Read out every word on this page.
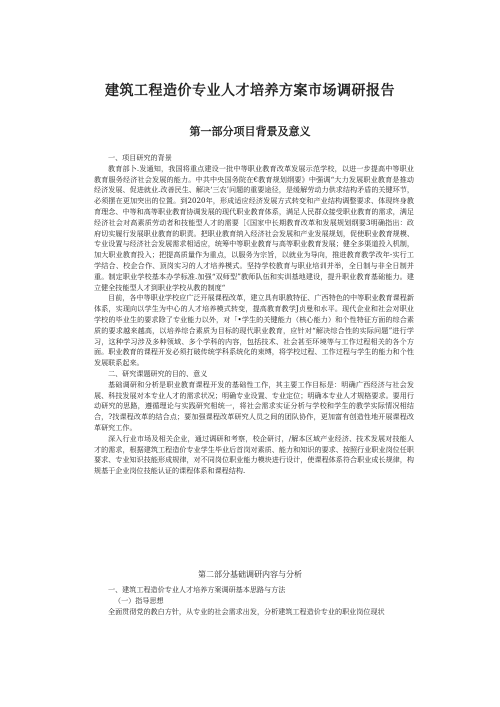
建筑工程造价专业人才培养方案市场调研报告
第一部分项目背景及意义

一、项目研究的背景

教育部卜.发通知，我国将重点建设一批中等职业教育改革发展示范学校，以进一步提高中等职业教育服务经济社会发展的能力。中共中央国务院在€教育规划纲要》中强调“大力发展职业教育是推动经济发展、促进就业.改善民生、解决‘三农’问题的重要途径，是缓解劳动力供求结构矛盾的关键环节，必须摆在更加突出的位置。到2020年，形成适应经济发展方式转变和产业结构调整要求、体现终身教育理念、中等和高等职业教育协调发展的现代职业教育体系，满足人民群众接受职业教育的需求，满足经济社会对高素质劳动者和技能型人才的需要［《国家中长期教育改革和发展规划纲要3明确指出：政府切实履行发展职业教育的职责。把职业教育纳入经济社会发展和产业发展规划，促使职业教育规模、专业设置与经济社会发展需求相适应，统筹中等职业教育与高等职业教育发展；健全多渠道投入机制，加大职业教育投入；把提高质量作为重点，以服务为宗旨，以就业为导向，推进教育教学改年-实行工学结合、校企合作、顶岗实习的人才培养模式。坚持学校教育与职业培训并举，全日制与非全日制并重。制定职业学校基本办学标准.加强“双师型”教师队伍和实训基地建设，提升职业教育基础能力。建立健全技能型人才到职业学校从教的制度“

目前，各中等职业学校应广泛开展课程改革，建立具有职教特征、广西特色的中等职业教育课程新体系，实现向以学生为中心的人才培养模式转变，提高教育教学J贞曼和水平。现代企业和社会对职业学校的毕业生的要求除了专业能力以外，对「•学生的关键能力（核心能力）和个性特征方面的综合素质的要求越来越高，以培养综合素质为目标的现代职业教育，应针对“解决综合性的实际问题”进行学习，这种学习涉及多种领域、多个学科的内容，包括技术、社会甚至环境等与工作过程相关的各个方面。职业教育的课程开发必须打破传统学科系统化的束缚，将学校过程、工作过程与学生的能力和个性发展联系起来。

二、研究课题研究的目的、意义

基础调研和分析是职业教育课程开发的基础性工作，其主要工作目标是：明确广西经济与社会发展、科技发展对本专业人才的需求状况；明确专业设置、专业定位；明确本专业人才规格要求。要用行动研究的思路，遵循理论与实践研究相统一，将社会需求实证分析与学校和学生的教学实际情况相结合，?找课程改革的结合点；要加强课程改革研究人员之间的团队协作，更加富有创造性地开展课程改革研究工作。

深入行业市场及相关企业，通过调研和考察，校企研讨，/解本区域产业经济、技术发展对技能人才的需求，根据建筑工程造价专业学生毕业后首岗对素质、能力和知识的要求、按照行业职业岗位任职要求、专业知识技能形成规律，对不同岗位职业能力模块进行设计，使课程体系符合职业成长规律，构规基于企业岗位技能认证的课程体系和课程结构.

第二部分基础调研内容与分析

一、建筑工程造价专业人才培养方案调研基本思路与方法

（一）指导思想

全面贯彻党的教白方针，从专业的社会需求出发，分析建筑工程造价专业的职业岗位现状
